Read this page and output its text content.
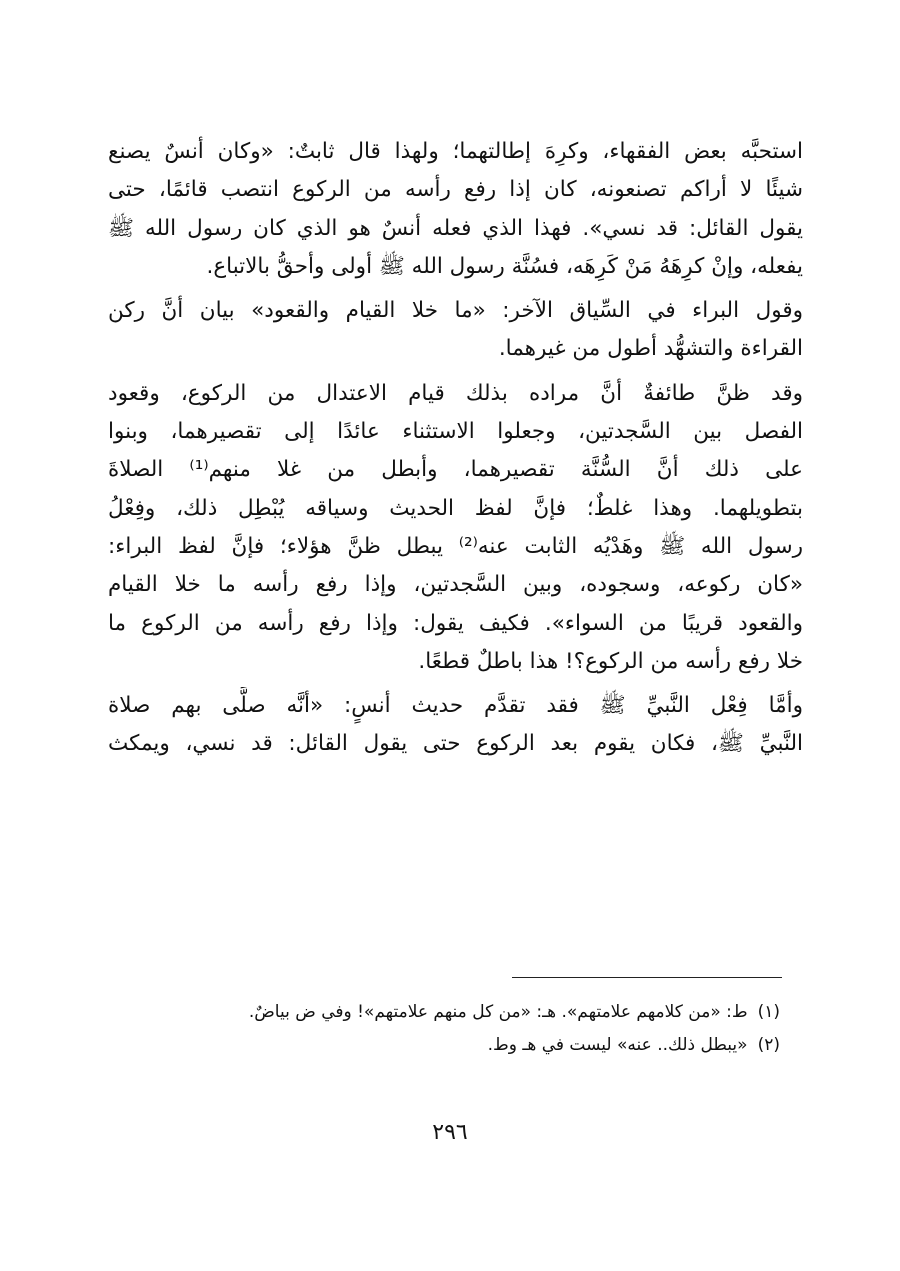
استحبَّه بعض الفقهاء، وكرِهَ إطالتهما؛ ولهذا قال ثابتٌ: «وكان أنسٌ يصنع
شيئًا لا أراكم تصنعونه، كان إذا رفع رأسه من الركوع انتصب قائمًا، حتى
يقول القائل: قد نسي». فهذا الذي فعله أنسٌ هو الذي كان رسول الله ﷺ
يفعله، وإنْ كرِهَهُ مَنْ كَرِهَه، فسُنَّة رسول الله ﷺ أولى وأحقُّ بالاتباع.
وقول البراء في السِّياق الآخر: «ما خلا القيام والقعود» بيان أنَّ ركن
القراءة والتشهُّد أطول من غيرهما.
وقد ظنَّ طائفةٌ أنَّ مراده بذلك قيام الاعتدال من الركوع، وقعود
الفصل بين السَّجدتين، وجعلوا الاستثناء عائدًا إلى تقصيرهما، وبنوا
على ذلك أنَّ السُّنَّة تقصيرهما، وأبطل من غلا منهم⁽¹⁾ الصلاةَ
بتطويلهما. وهذا غلطٌ؛ فإنَّ لفظ الحديث وسياقه يُبْطِل ذلك، وفِعْلُ
رسول الله ﷺ وهَدْيُه الثابت عنه⁽²⁾ يبطل ظنَّ هؤلاء؛ فإنَّ لفظ البراء:
«كان ركوعه، وسجوده، وبين السَّجدتين، وإذا رفع رأسه ما خلا القيام
والقعود قريبًا من السواء». فكيف يقول: وإذا رفع رأسه من الركوع ما
خلا رفع رأسه من الركوع؟! هذا باطلٌ قطعًا.
وأمَّا فِعْل النَّبيِّ ﷺ فقد تقدَّم حديث أنسٍ: «أنَّه صلَّى بهم صلاة
النَّبيِّ ﷺ، فكان يقوم بعد الركوع حتى يقول القائل: قد نسي، ويمكث
(١)ط: «من كلامهم علامتهم». هـ: «من كل منهم علامتهم»! وفي ض بياضٌ.
(٢)«يبطل ذلك.. عنه» ليست في هـ وط.
٢٩٦
